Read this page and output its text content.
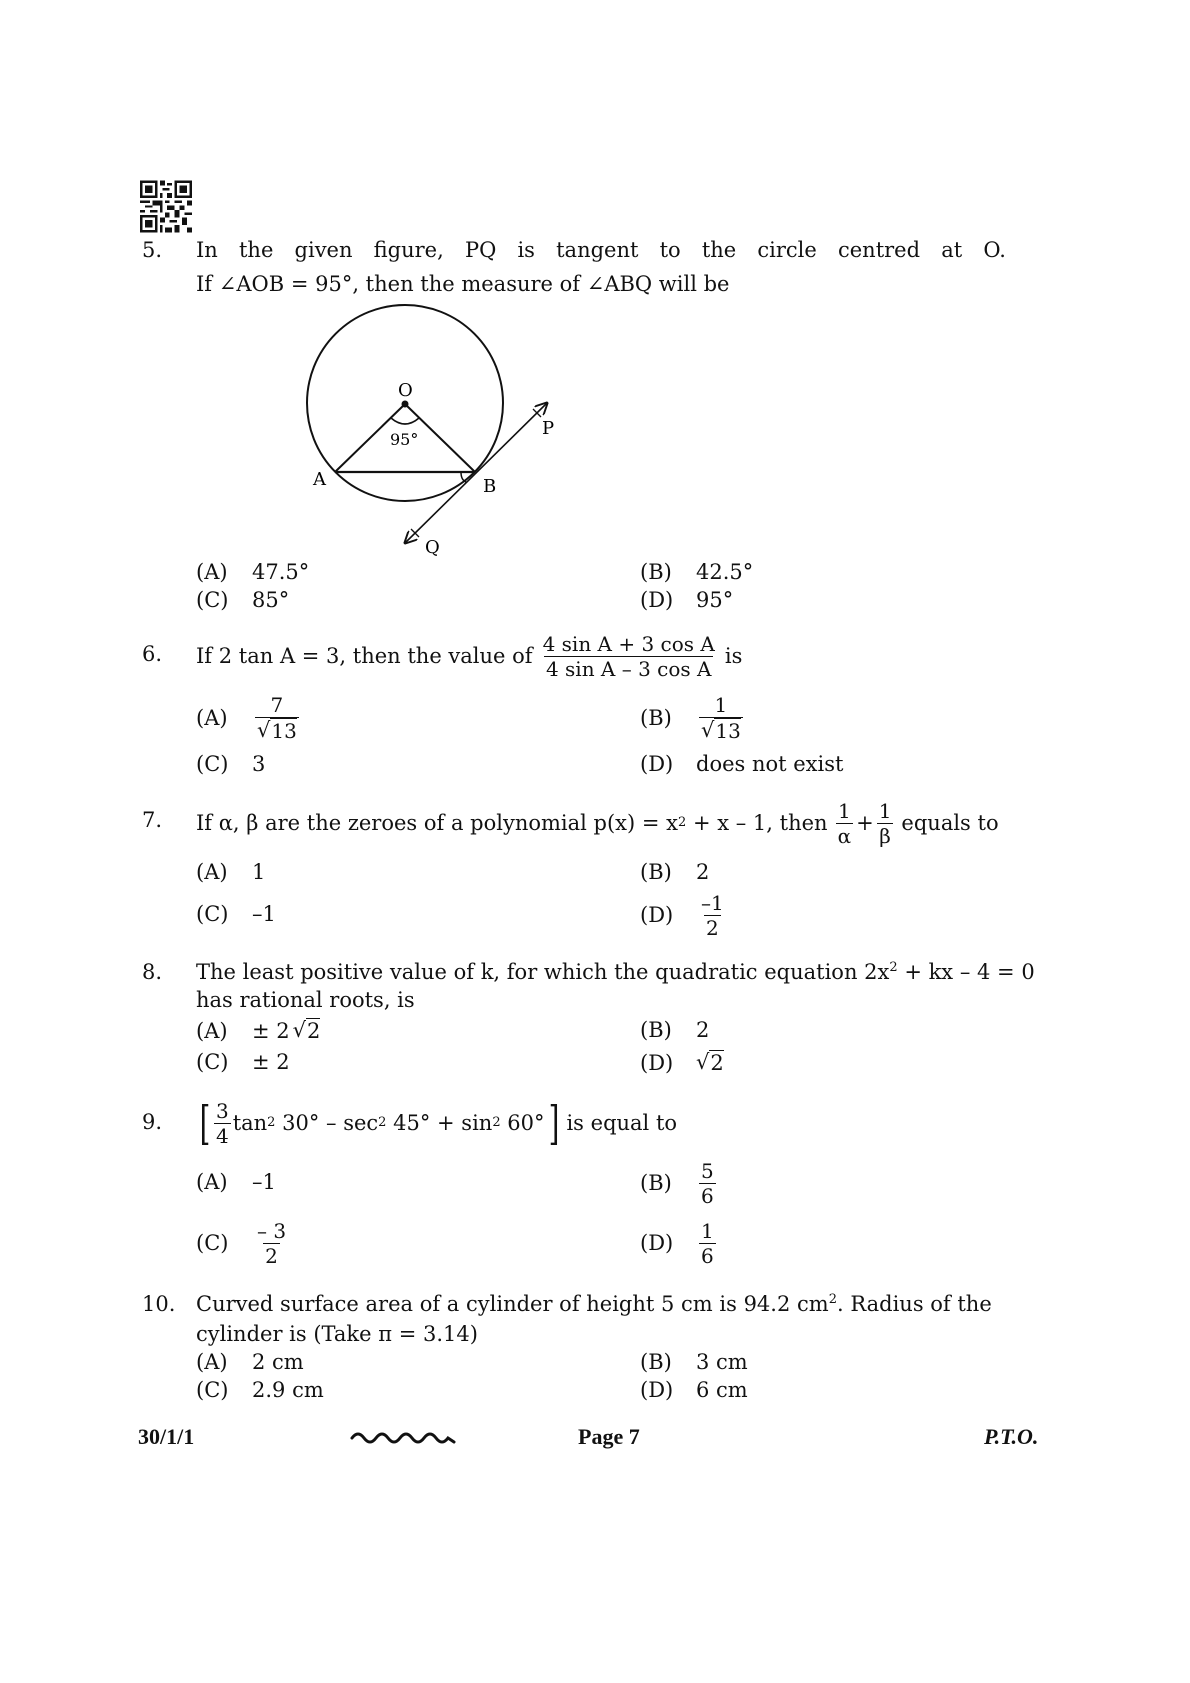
5. In the given figure, PQ is tangent to the circle centred at O.
If ∠AOB = 95°, then the measure of ∠ABQ will be
O
95°
A	B
P
Q
(A)	47.5°	(B)	42.5°
(C)	85°	(D)	95°
6. If 2 tan A = 3, then the value of $\frac{\text{4 sin A + 3 cos A}}{\text{4 sin A – 3 cos A}}$ is
(A)	$\frac{7}{√ 13}$	(B)	$\frac{1}{√ 13}$
(C)	3	(D)	does not exist
7. If α, β are the zeroes of a polynomial p(x) = x 2 + x – 1, then $\frac{1}{\alpha} + \frac{1}{\beta}$ equals to
(A)	1	(B)	2
(C)	–1	(D)	$\frac{-1}{2}$
8. The least positive value of k, for which the quadratic equation $2x^2$ + kx – 4 = 0
has rational roots, is
(A)	± 2 √ 2	(B)	2
(C)	± 2	(D)	√ 2
9. [ $\frac{3}{4}$ tan 2 30° – sec 2 45° + sin 2 60° ] is equal to
(A)	–1	(B)	$\frac{5}{6}$
(C)	$\frac{- 3}{2}$	(D)	$\frac{1}{6}$
10. Curved surface area of a cylinder of height 5 cm is 94.2 $cm^2$. Radius of the
cylinder is (Take π = 3.14)
(A)	2 cm	(B)	3 cm
(C)	2.9 cm	(D)	6 cm
30/1/1	Page 7	P.T.O.
